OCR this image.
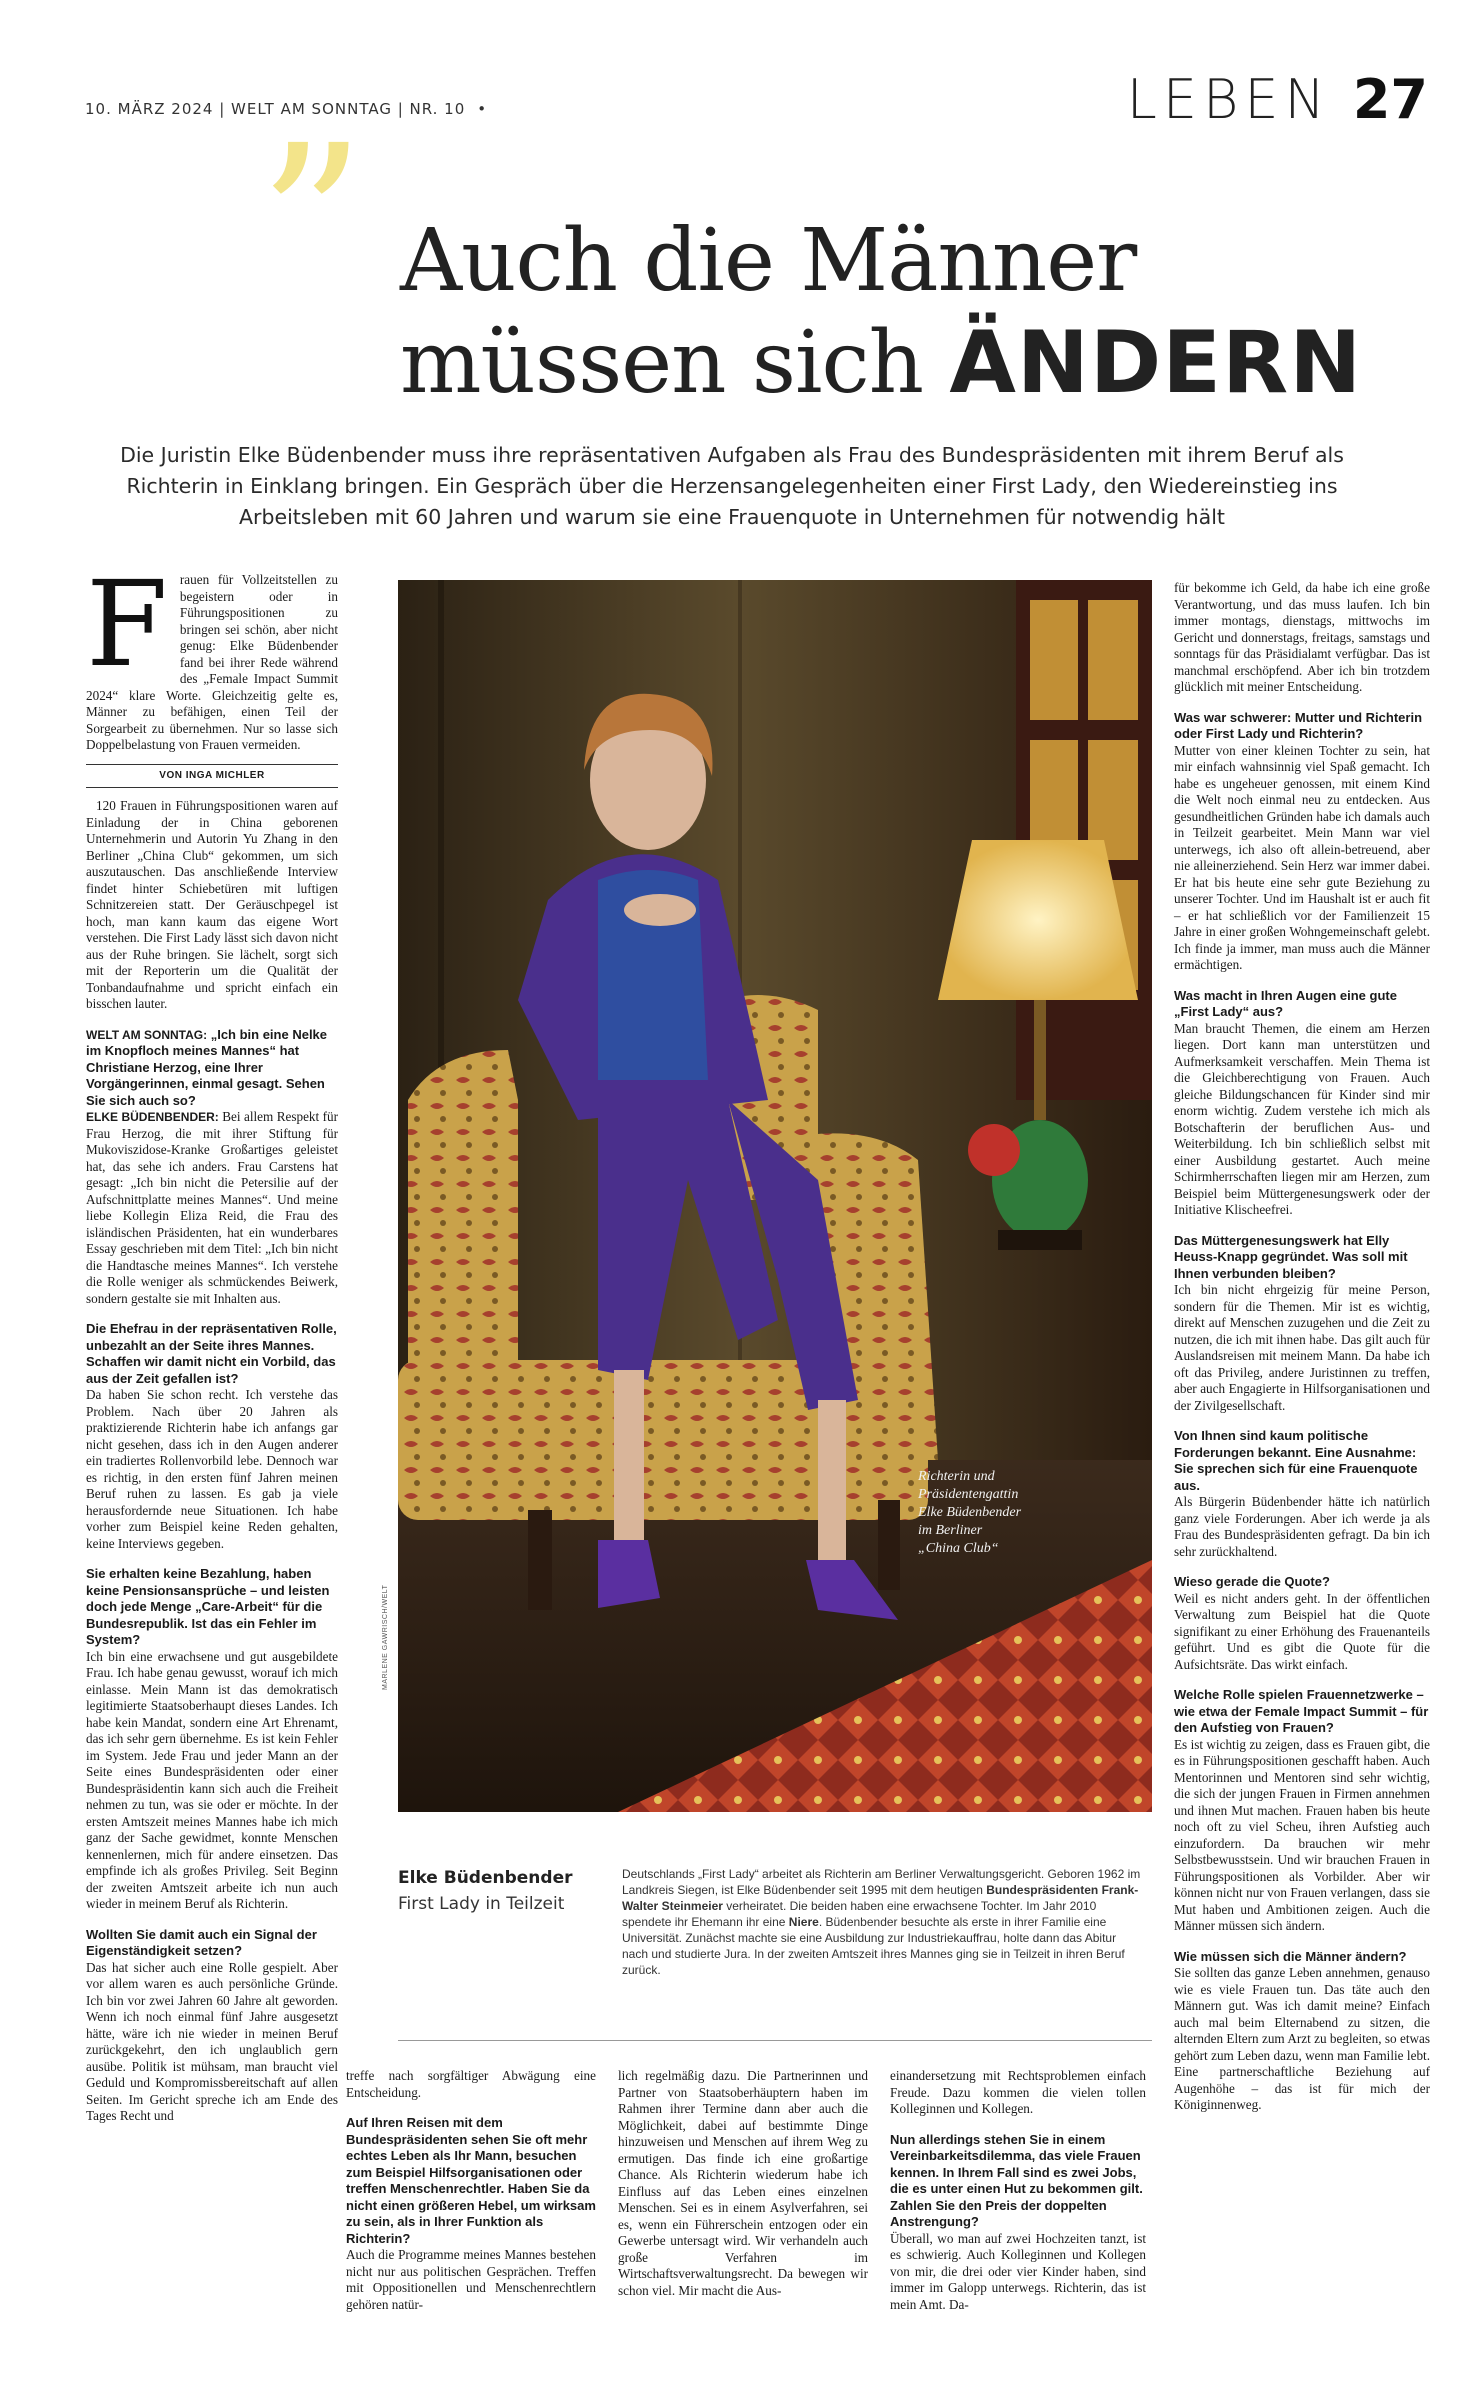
10. MÄRZ 2024 | WELT AM SONNTAG | NR. 10 •	LEBEN 27
” Auch die Männer
müssen sich ÄNDERN
Die Juristin Elke Büdenbender muss ihre repräsentativen Aufgaben als Frau des Bundespräsidenten mit ihrem Beruf als Richterin in Einklang bringen. Ein Gespräch über die Herzensangelegenheiten einer First Lady, den Wiedereinstieg ins Arbeitsleben mit 60 Jahren und warum sie eine Frauenquote in Unternehmen für notwendig hält
F rauen für Vollzeitstellen zu begeistern oder in Führungspositionen zu bringen sei schön, aber nicht genug: Elke Büdenbender fand bei ihrer Rede während des „Female Impact Summit 2024“ klare Worte. Gleichzeitig gelte es, Männer zu befähigen, einen Teil der Sorgearbeit zu übernehmen. Nur so lasse sich Doppelbelastung von Frauen vermeiden.

VON INGA MICHLER

120 Frauen in Führungspositionen waren auf Einladung der in China geborenen Unternehmerin und Autorin Yu Zhang in den Berliner „China Club“ gekommen, um sich auszutauschen. Das anschließende Interview findet hinter Schiebetüren mit luftigen Schnitzereien statt. Der Geräuschpegel ist hoch, man kann kaum das eigene Wort verstehen. Die First Lady lässt sich davon nicht aus der Ruhe bringen. Sie lächelt, sorgt sich mit der Reporterin um die Qualität der Tonbandaufnahme und spricht einfach ein bisschen lauter.

WELT AM SONNTAG: „Ich bin eine Nelke im Knopfloch meines Mannes“ hat Christiane Herzog, eine Ihrer Vorgängerinnen, einmal gesagt. Sehen Sie sich auch so?

ELKE BÜDENBENDER: Bei allem Respekt für Frau Herzog, die mit ihrer Stiftung für Mukoviszidose-Kranke Großartiges geleistet hat, das sehe ich anders. Frau Carstens hat gesagt: „Ich bin nicht die Petersilie auf der Aufschnittplatte meines Mannes“. Und meine liebe Kollegin Eliza Reid, die Frau des isländischen Präsidenten, hat ein wunderbares Essay geschrieben mit dem Titel: „Ich bin nicht die Handtasche meines Mannes“. Ich verstehe die Rolle weniger als schmückendes Beiwerk, sondern gestalte sie mit Inhalten aus.

Die Ehefrau in der repräsentativen Rolle, unbezahlt an der Seite ihres Mannes. Schaffen wir damit nicht ein Vorbild, das aus der Zeit gefallen ist?

Da haben Sie schon recht. Ich verstehe das Problem. Nach über 20 Jahren als praktizierende Richterin habe ich anfangs gar nicht gesehen, dass ich in den Augen anderer ein tradiertes Rollenvorbild lebe. Dennoch war es richtig, in den ersten fünf Jahren meinen Beruf ruhen zu lassen. Es gab ja viele herausfordernde neue Situationen. Ich habe vorher zum Beispiel keine Reden gehalten, keine Interviews gegeben.

Sie erhalten keine Bezahlung, haben keine Pensionsansprüche – und leisten doch jede Menge „Care-Arbeit“ für die Bundesrepublik. Ist das ein Fehler im System?

Ich bin eine erwachsene und gut ausgebildete Frau. Ich habe genau gewusst, worauf ich mich einlasse. Mein Mann ist das demokratisch legitimierte Staatsoberhaupt dieses Landes. Ich habe kein Mandat, sondern eine Art Ehrenamt, das ich sehr gern übernehme. Es ist kein Fehler im System. Jede Frau und jeder Mann an der Seite eines Bundespräsidenten oder einer Bundespräsidentin kann sich auch die Freiheit nehmen zu tun, was sie oder er möchte. In der ersten Amtszeit meines Mannes habe ich mich ganz der Sache gewidmet, konnte Menschen kennenlernen, mich für andere einsetzen. Das empfinde ich als großes Privileg. Seit Beginn der zweiten Amtszeit arbeite ich nun auch wieder in meinem Beruf als Richterin.

Wollten Sie damit auch ein Signal der Eigenständigkeit setzen?

Das hat sicher auch eine Rolle gespielt. Aber vor allem waren es auch persönliche Gründe. Ich bin vor zwei Jahren 60 Jahre alt geworden. Wenn ich noch einmal fünf Jahre ausgesetzt hätte, wäre ich nie wieder in meinen Beruf zurückgekehrt, den ich unglaublich gern ausübe. Politik ist mühsam, man braucht viel Geduld und Kompromissbereitschaft auf allen Seiten. Im Gericht spreche ich am Ende des Tages Recht und

Richterin und
Präsidentengattin
Elke Büdenbender
im Berliner
„China Club“
MARLENE GAWRISCH/WELT
Elke Büdenbender
First Lady in Teilzeit
Deutschlands „First Lady“ arbeitet als Richterin am Berliner Verwaltungsgericht. Geboren 1962 im Landkreis Siegen, ist Elke Büdenbender seit 1995 mit dem heutigen Bundespräsidenten Frank-Walter Steinmeier verheiratet. Die beiden haben eine erwachsene Tochter. Im Jahr 2010 spendete ihr Ehemann ihr eine Niere. Büdenbender besuchte als erste in ihrer Familie eine Universität. Zunächst machte sie eine Ausbildung zur Industriekauffrau, holte dann das Abitur nach und studierte Jura. In der zweiten Amtszeit ihres Mannes ging sie in Teilzeit in ihren Beruf zurück.

treffe nach sorgfältiger Abwägung eine Entscheidung.

Auf Ihren Reisen mit dem Bundespräsidenten sehen Sie oft mehr echtes Leben als Ihr Mann, besuchen zum Beispiel Hilfsorganisationen oder treffen Menschenrechtler. Haben Sie da nicht einen größeren Hebel, um wirksam zu sein, als in Ihrer Funktion als Richterin?

Auch die Programme meines Mannes bestehen nicht nur aus politischen Gesprächen. Treffen mit Oppositionellen und Menschenrechtlern gehören natür-

lich regelmäßig dazu. Die Partnerinnen und Partner von Staatsoberhäuptern haben im Rahmen ihrer Termine dann aber auch die Möglichkeit, dabei auf bestimmte Dinge hinzuweisen und Menschen auf ihrem Weg zu ermutigen. Das finde ich eine großartige Chance. Als Richterin wiederum habe ich Einfluss auf das Leben eines einzelnen Menschen. Sei es in einem Asylverfahren, sei es, wenn ein Führerschein entzogen oder ein Gewerbe untersagt wird. Wir verhandeln auch große Verfahren im Wirtschaftsverwaltungsrecht. Da bewegen wir schon viel. Mir macht die Aus-

einandersetzung mit Rechtsproblemen einfach Freude. Dazu kommen die vielen tollen Kolleginnen und Kollegen.

Nun allerdings stehen Sie in einem Vereinbarkeitsdilemma, das viele Frauen kennen. In Ihrem Fall sind es zwei Jobs, die es unter einen Hut zu bekommen gilt. Zahlen Sie den Preis der doppelten Anstrengung?

Überall, wo man auf zwei Hochzeiten tanzt, ist es schwierig. Auch Kolleginnen und Kollegen von mir, die drei oder vier Kinder haben, sind immer im Galopp unterwegs. Richterin, das ist mein Amt. Da-

für bekomme ich Geld, da habe ich eine große Verantwortung, und das muss laufen. Ich bin immer montags, dienstags, mittwochs im Gericht und donnerstags, freitags, samstags und sonntags für das Präsidialamt verfügbar. Das ist manchmal erschöpfend. Aber ich bin trotzdem glücklich mit meiner Entscheidung.

Was war schwerer: Mutter und Richterin oder First Lady und Richterin?

Mutter von einer kleinen Tochter zu sein, hat mir einfach wahnsinnig viel Spaß gemacht. Ich habe es ungeheuer genossen, mit einem Kind die Welt noch einmal neu zu entdecken. Aus gesundheitlichen Gründen habe ich damals auch in Teilzeit gearbeitet. Mein Mann war viel unterwegs, ich also oft allein-betreuend, aber nie alleinerziehend. Sein Herz war immer dabei. Er hat bis heute eine sehr gute Beziehung zu unserer Tochter. Und im Haushalt ist er auch fit – er hat schließlich vor der Familienzeit 15 Jahre in einer großen Wohngemeinschaft gelebt. Ich finde ja immer, man muss auch die Männer ermächtigen.

Was macht in Ihren Augen eine gute „First Lady“ aus?

Man braucht Themen, die einem am Herzen liegen. Dort kann man unterstützen und Aufmerksamkeit verschaffen. Mein Thema ist die Gleichberechtigung von Frauen. Auch gleiche Bildungschancen für Kinder sind mir enorm wichtig. Zudem verstehe ich mich als Botschafterin der beruflichen Aus- und Weiterbildung. Ich bin schließlich selbst mit einer Ausbildung gestartet. Auch meine Schirmherrschaften liegen mir am Herzen, zum Beispiel beim Müttergenesungswerk oder der Initiative Klischeefrei.

Das Müttergenesungswerk hat Elly Heuss-Knapp gegründet. Was soll mit Ihnen verbunden bleiben?

Ich bin nicht ehrgeizig für meine Person, sondern für die Themen. Mir ist es wichtig, direkt auf Menschen zuzugehen und die Zeit zu nutzen, die ich mit ihnen habe. Das gilt auch für Auslandsreisen mit meinem Mann. Da habe ich oft das Privileg, andere Juristinnen zu treffen, aber auch Engagierte in Hilfsorganisationen und der Zivilgesellschaft.

Von Ihnen sind kaum politische Forderungen bekannt. Eine Ausnahme: Sie sprechen sich für eine Frauenquote aus.

Als Bürgerin Büdenbender hätte ich natürlich ganz viele Forderungen. Aber ich werde ja als Frau des Bundespräsidenten gefragt. Da bin ich sehr zurückhaltend.

Wieso gerade die Quote?

Weil es nicht anders geht. In der öffentlichen Verwaltung zum Beispiel hat die Quote signifikant zu einer Erhöhung des Frauenanteils geführt. Und es gibt die Quote für die Aufsichtsräte. Das wirkt einfach.

Welche Rolle spielen Frauennetzwerke – wie etwa der Female Impact Summit – für den Aufstieg von Frauen?

Es ist wichtig zu zeigen, dass es Frauen gibt, die es in Führungspositionen geschafft haben. Auch Mentorinnen und Mentoren sind sehr wichtig, die sich der jungen Frauen in Firmen annehmen und ihnen Mut machen. Frauen haben bis heute noch oft zu viel Scheu, ihren Aufstieg auch einzufordern. Da brauchen wir mehr Selbstbewusstsein. Und wir brauchen Frauen in Führungspositionen als Vorbilder. Aber wir können nicht nur von Frauen verlangen, dass sie Mut haben und Ambitionen zeigen. Auch die Männer müssen sich ändern.

Wie müssen sich die Männer ändern?

Sie sollten das ganze Leben annehmen, genauso wie es viele Frauen tun. Das täte auch den Männern gut. Was ich damit meine? Einfach auch mal beim Elternabend zu sitzen, die alternden Eltern zum Arzt zu begleiten, so etwas gehört zum Leben dazu, wenn man Familie lebt. Eine partnerschaftliche Beziehung auf Augenhöhe – das ist für mich der Königinnenweg.
